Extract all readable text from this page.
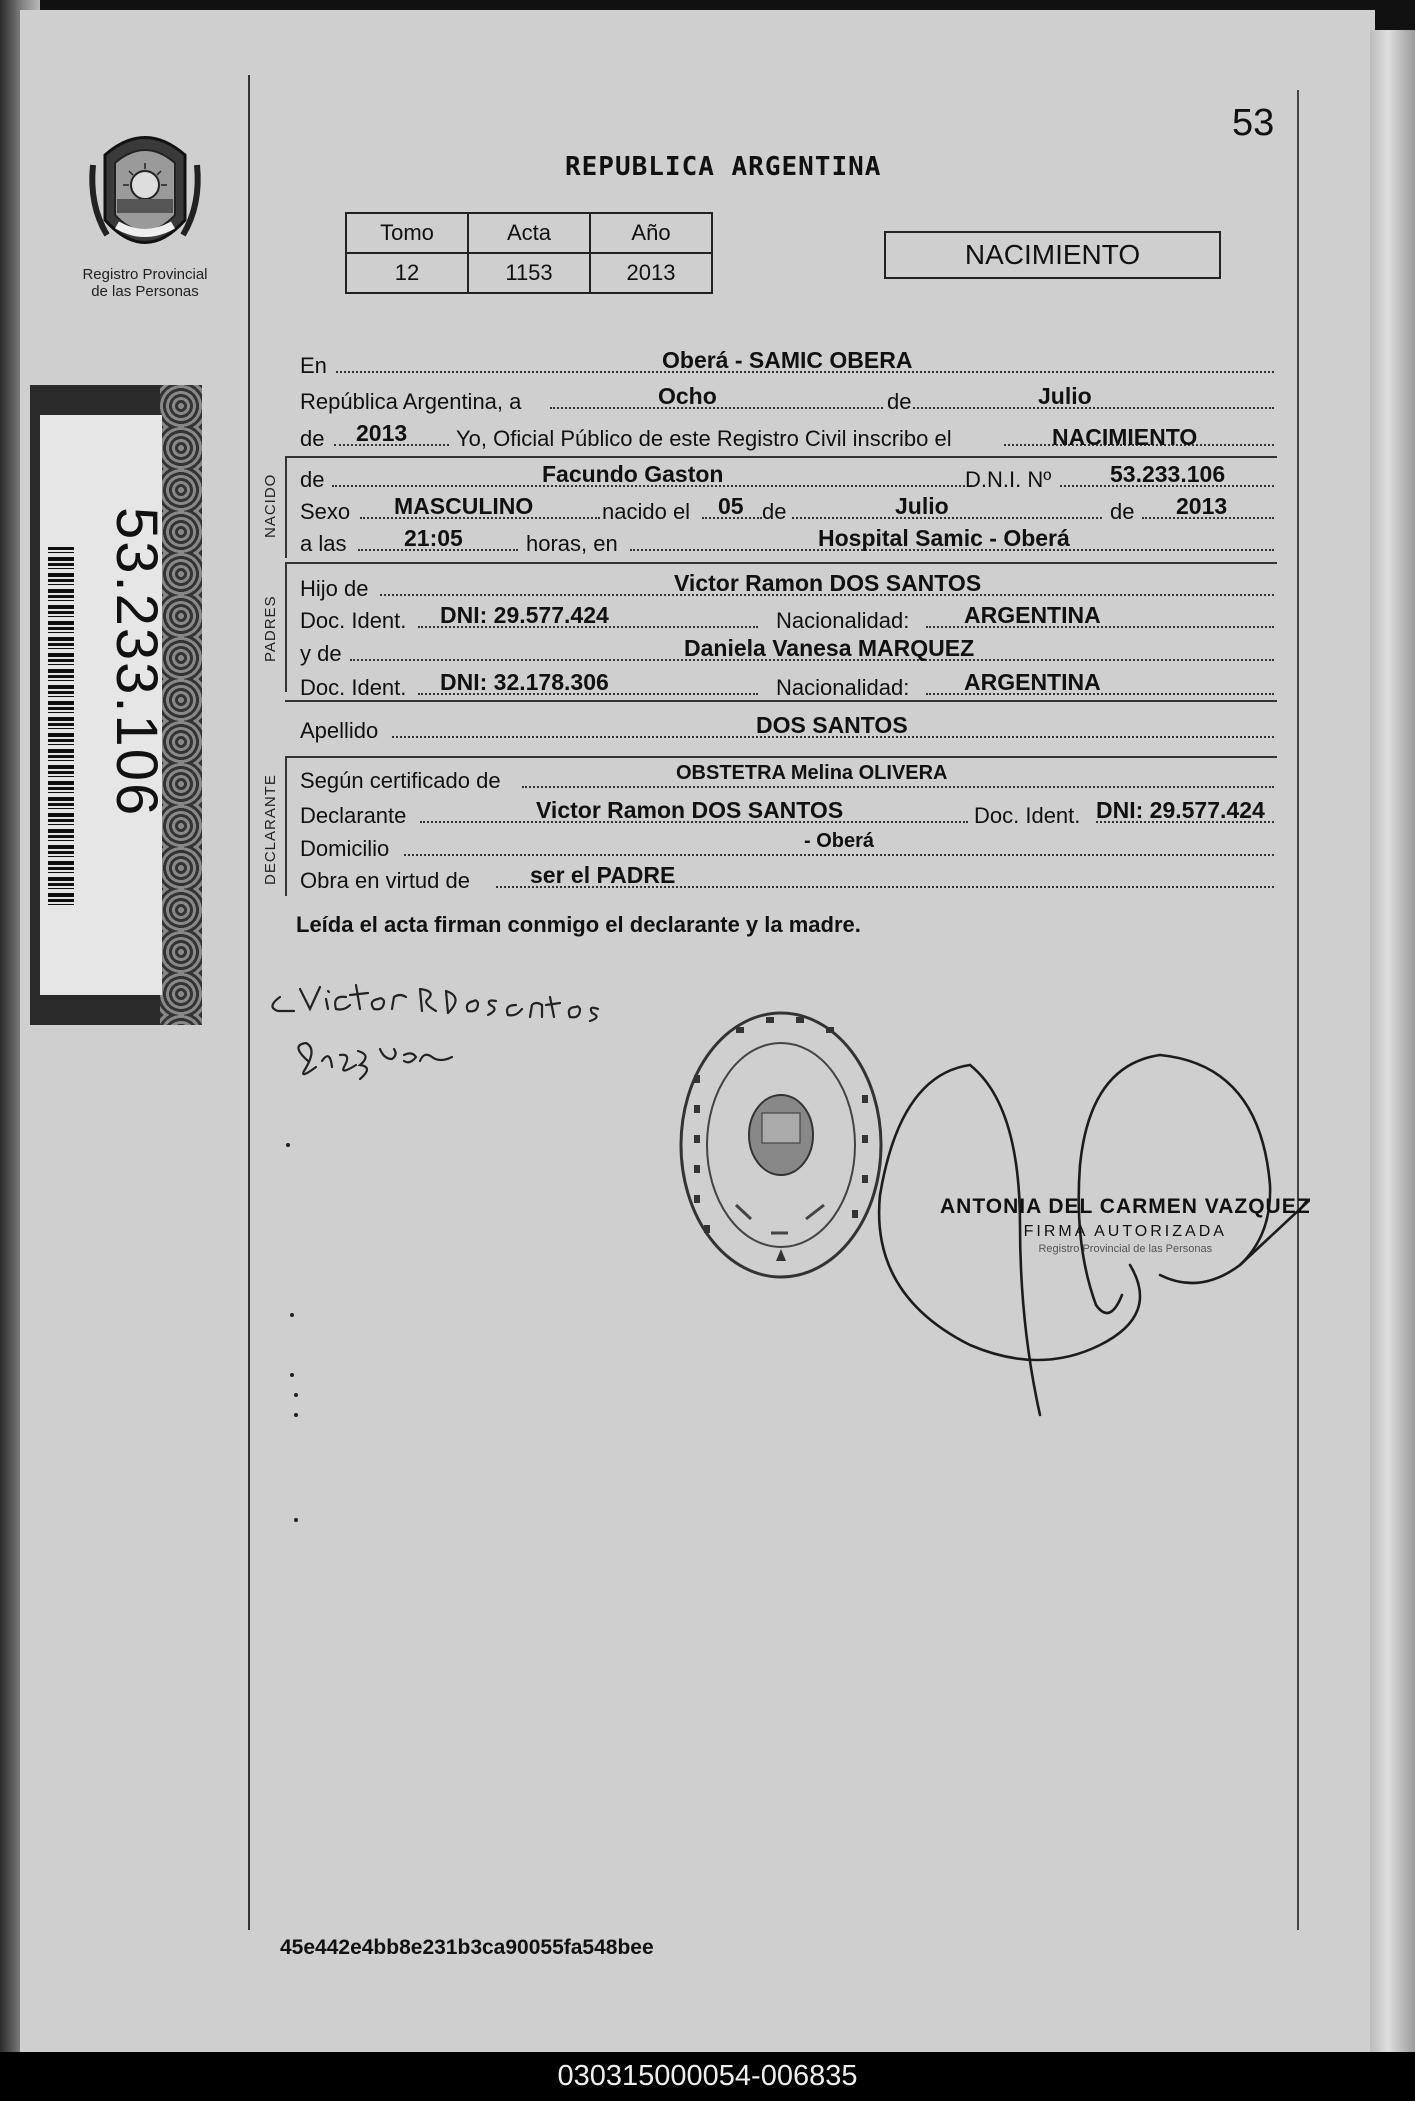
53
Registro Provincial
de las Personas
53.233.106
REPUBLICA ARGENTINA
Tomo	Acta	Año
12	1153	2013
NACIMIENTO
En	Oberá - SAMIC OBERA
República Argentina, a	Ocho	de	Julio
de 2013 Yo, Oficial Público de este Registro Civil inscribo el	NACIMIENTO
NACIDO de	Facundo Gaston	D.N.I. Nº	53.233.106
Sexo MASCULINO	nacido el 05 de	Julio	de 2013
a las	21:05	horas, en	Hospital Samic - Oberá
PADRES
Hijo de	Victor Ramon DOS SANTOS
Doc. Ident. DNI: 29.577.424	Nacionalidad: ARGENTINA
y de	Daniela Vanesa MARQUEZ
Doc. Ident. DNI: 32.178.306	Nacionalidad: ARGENTINA
Apellido	DOS SANTOS
DECLARANTE Según certificado de	OBSTETRA Melina OLIVERA
Declarante	Victor Ramon DOS SANTOS	Doc. Ident. DNI: 29.577.424
Domicilio	- Oberá
Obra en virtud de	ser el PADRE
Leída el acta firman conmigo el declarante y la madre.
ANTONIA DEL CARMEN VAZQUEZ
FIRMA AUTORIZADA
Registro Provincial de las Personas
45e442e4bb8e231b3ca90055fa548bee
030315000054-006835
